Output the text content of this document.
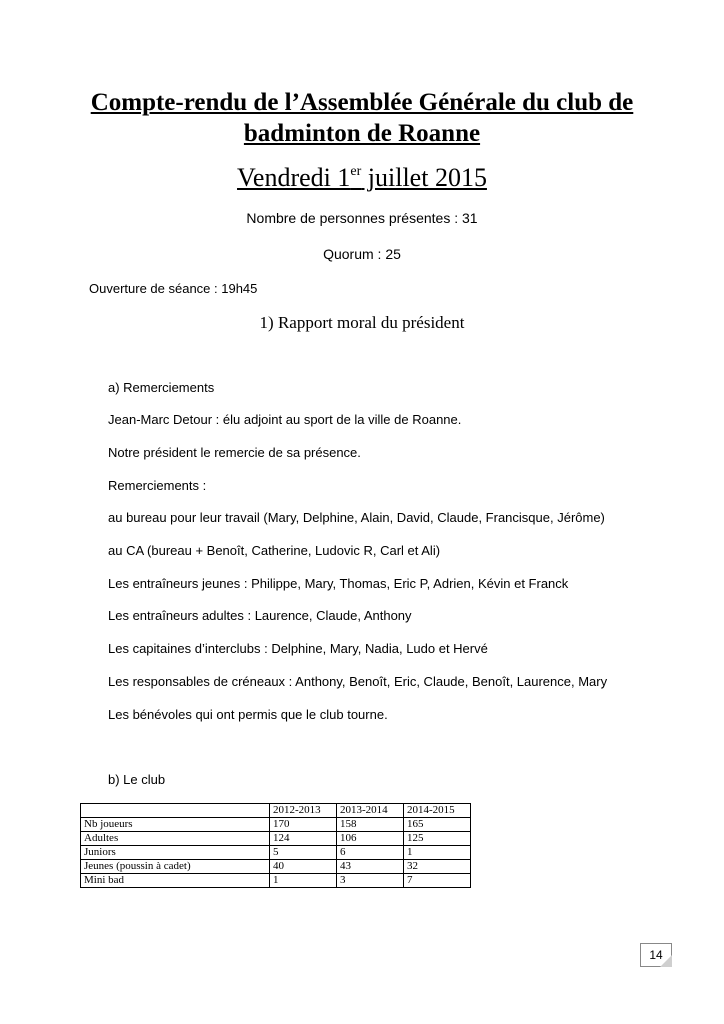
Compte-rendu de l’Assemblée Générale du club de
badminton de Roanne
Vendredi 1er juillet 2015
Nombre de personnes présentes : 31
Quorum : 25
Ouverture de séance : 19h45
1) Rapport moral du président
a) Remerciements
Jean-Marc Detour : élu adjoint au sport de la ville de Roanne.
Notre président le remercie de sa présence.
Remerciements :
au bureau pour leur travail (Mary, Delphine, Alain, David, Claude, Francisque, Jérôme)
au CA (bureau + Benoît, Catherine, Ludovic R, Carl et Ali)
Les entraîneurs jeunes : Philippe, Mary, Thomas, Eric P, Adrien, Kévin et Franck
Les entraîneurs adultes : Laurence, Claude, Anthony
Les capitaines d’interclubs : Delphine, Mary, Nadia, Ludo et Hervé
Les responsables de créneaux : Anthony, Benoît, Eric, Claude, Benoît, Laurence, Mary
Les bénévoles qui ont permis que le club tourne.
b) Le club
	2012-2013	2013-2014	2014-2015
Nb joueurs	170	158	165
Adultes	124	106	125
Juniors	5	6	1
Jeunes (poussin à cadet)	40	43	32
Mini bad	1	3	7
14
